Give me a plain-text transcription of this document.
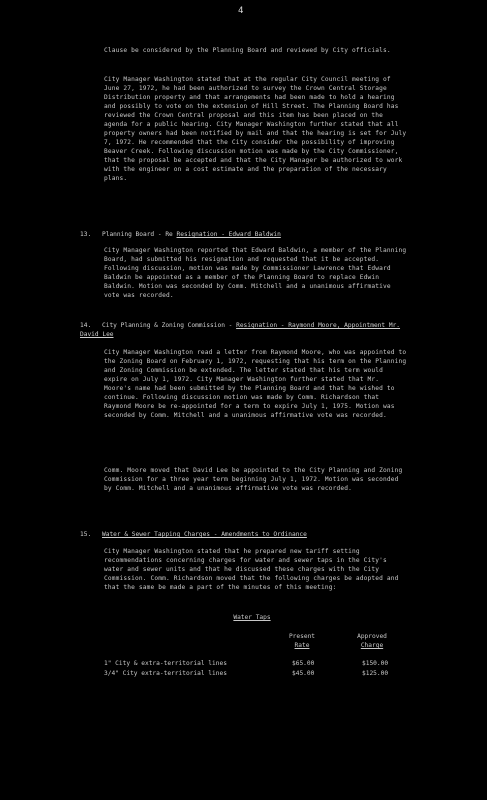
4
Clause be considered by the Planning Board and reviewed by City officials.
City Manager Washington stated that at the regular City Council meeting of June 27, 1972, he had been authorized to survey the Crown Central Storage Distribution property and that arrangements had been made to hold a hearing and possibly to vote on the extension of Hill Street. The Planning Board has reviewed the Crown Central proposal and this item has been placed on the agenda for a public hearing. City Manager Washington further stated that all property owners had been notified by mail and that the hearing is set for July 7, 1972. He recommended that the City consider the possibility of improving Beaver Creek. Following discussion motion was made by the City Commissioner, that the proposal be accepted and that the City Manager be authorized to work with the engineer on a cost estimate and the preparation of the necessary plans.
13. Planning Board - Re Resignation - Edward Baldwin
City Manager Washington reported that Edward Baldwin, a member of the Planning Board, had submitted his resignation and requested that it be accepted. Following discussion, motion was made by Commissioner Lawrence that Edward Baldwin be appointed as a member of the Planning Board to replace Edwin Baldwin. Motion was seconded by Comm. Mitchell and a unanimous affirmative vote was recorded.
14. City Planning & Zoning Commission - Resignation - Raymond Moore, Appointment Mr. David Lee
City Manager Washington read a letter from Raymond Moore, who was appointed to the Zoning Board on February 1, 1972, requesting that his term on the Planning and Zoning Commission be extended. The letter stated that his term would expire on July 1, 1972. City Manager Washington further stated that Mr. Moore's name had been submitted by the Planning Board and that he wished to continue. Following discussion motion was made by Comm. Richardson that Raymond Moore be re-appointed for a term to expire July 1, 1975. Motion was seconded by Comm. Mitchell and a unanimous affirmative vote was recorded.
Comm. Moore moved that David Lee be appointed to the City Planning and Zoning Commission for a three year term beginning July 1, 1972. Motion was seconded by Comm. Mitchell and a unanimous affirmative vote was recorded.
15. Water & Sewer Tapping Charges - Amendments to Ordinance
City Manager Washington stated that he prepared new tariff setting recommendations concerning charges for water and sewer taps in the City's water and sewer units and that he discussed these charges with the City Commission. Comm. Richardson moved that the following charges be adopted and that the same be made a part of the minutes of this meeting:
Water Taps
Present
Rate
Approved
Charge
1" City & extra-territorial lines	$65.00	$150.00
3/4" City extra-territorial lines	$45.00	$125.00
